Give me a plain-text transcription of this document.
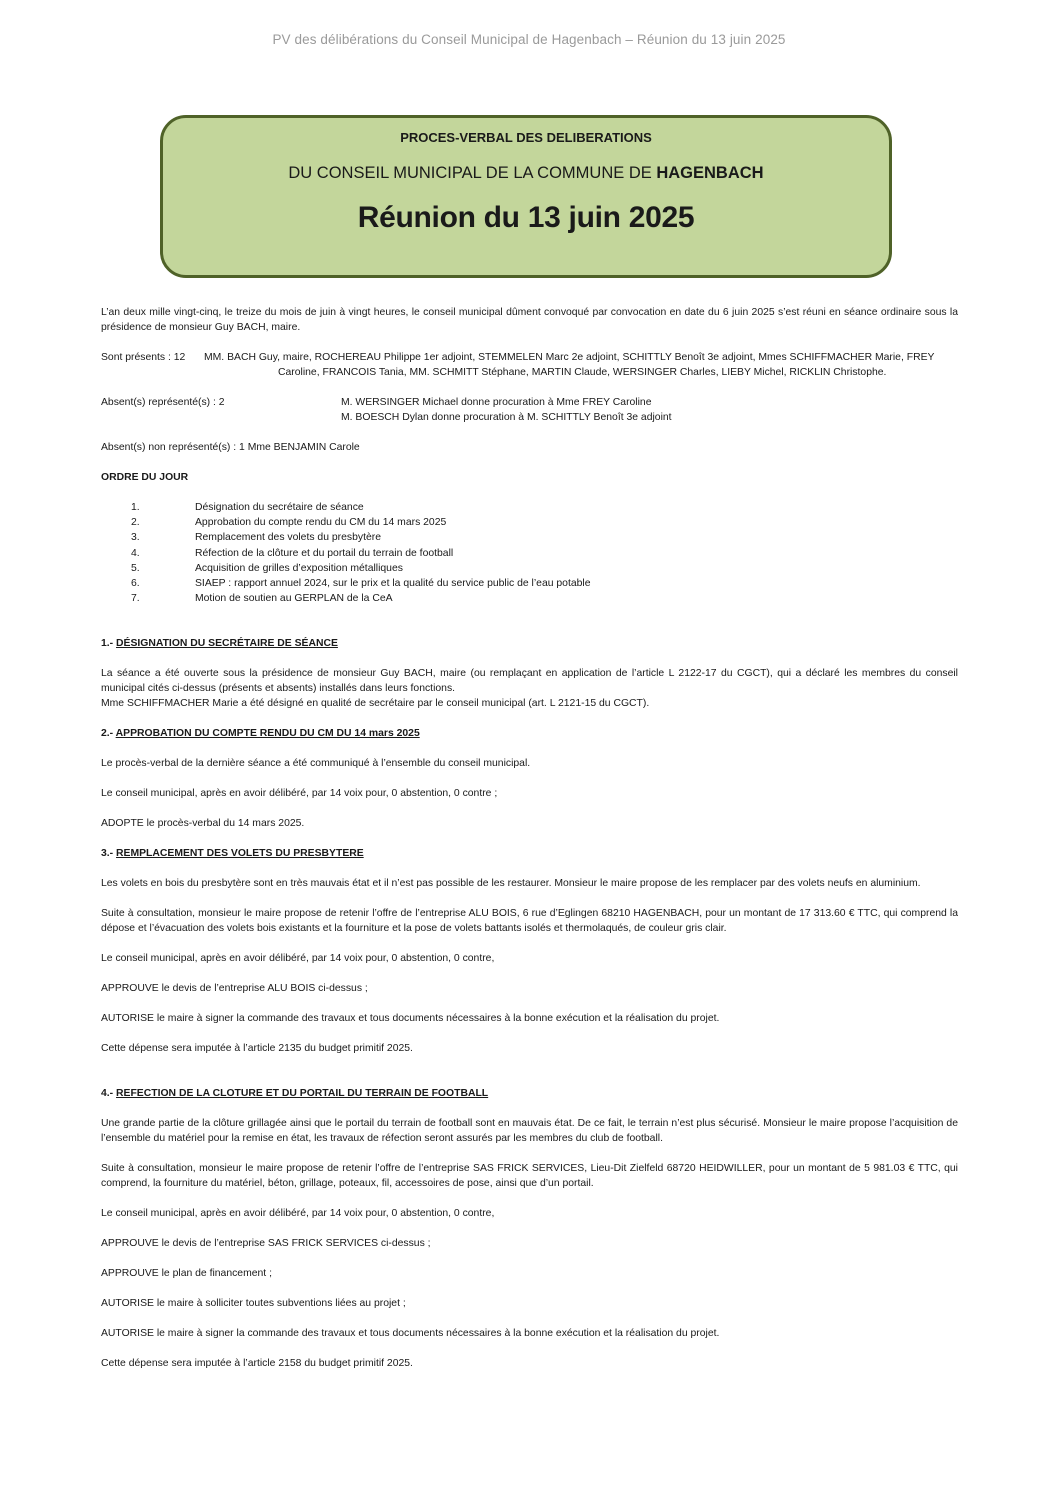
PV des délibérations du Conseil Municipal de Hagenbach – Réunion du 13 juin 2025
PROCES-VERBAL DES DELIBERATIONS
DU CONSEIL MUNICIPAL DE LA COMMUNE DE HAGENBACH
Réunion du 13 juin 2025

L’an deux mille vingt-cinq, le treize du mois de juin à vingt heures, le conseil municipal dûment convoqué par convocation en date du 6 juin 2025 s’est réuni en séance ordinaire sous la présidence de monsieur Guy BACH, maire.

Sont présents : 12	MM. BACH Guy, maire, ROCHEREAU Philippe 1er adjoint, STEMMELEN Marc 2e adjoint, SCHITTLY Benoît 3e adjoint, Mmes SCHIFFMACHER Marie, FREY
Caroline, FRANCOIS Tania, MM. SCHMITT Stéphane, MARTIN Claude, WERSINGER Charles, LIEBY Michel, RICKLIN Christophe.
Absent(s) représenté(s) : 2	M. WERSINGER Michael donne procuration à Mme FREY Caroline
M. BOESCH Dylan donne procuration à M. SCHITTLY Benoît 3e adjoint

Absent(s) non représenté(s) : 1 Mme BENJAMIN Carole

ORDRE DU JOUR

1.	Désignation du secrétaire de séance
2.	Approbation du compte rendu du CM du 14 mars 2025
3.	Remplacement des volets du presbytère
4.	Réfection de la clôture et du portail du terrain de football
5.	Acquisition de grilles d’exposition métalliques
6.	SIAEP : rapport annuel 2024, sur le prix et la qualité du service public de l’eau potable
7.	Motion de soutien au GERPLAN de la CeA

1.- DÉSIGNATION DU SECRÉTAIRE DE SÉANCE

La séance a été ouverte sous la présidence de monsieur Guy BACH, maire (ou remplaçant en application de l’article L 2122-17 du CGCT), qui a déclaré les membres du conseil municipal cités ci-dessus (présents et absents) installés dans leurs fonctions.

Mme SCHIFFMACHER Marie a été désigné en qualité de secrétaire par le conseil municipal (art. L 2121-15 du CGCT).

2.- APPROBATION DU COMPTE RENDU DU CM DU 14 mars 2025

Le procès-verbal de la dernière séance a été communiqué à l’ensemble du conseil municipal.

Le conseil municipal, après en avoir délibéré, par 14 voix pour, 0 abstention, 0 contre ;

ADOPTE le procès-verbal du 14 mars 2025.

3.- REMPLACEMENT DES VOLETS DU PRESBYTERE

Les volets en bois du presbytère sont en très mauvais état et il n’est pas possible de les restaurer. Monsieur le maire propose de les remplacer par des volets neufs en aluminium.

Suite à consultation, monsieur le maire propose de retenir l’offre de l’entreprise ALU BOIS, 6 rue d’Eglingen 68210 HAGENBACH, pour un montant de 17 313.60 € TTC, qui comprend la dépose et l’évacuation des volets bois existants et la fourniture et la pose de volets battants isolés et thermolaqués, de couleur gris clair.

Le conseil municipal, après en avoir délibéré, par 14 voix pour, 0 abstention, 0 contre,

APPROUVE le devis de l’entreprise ALU BOIS ci-dessus ;

AUTORISE le maire à signer la commande des travaux et tous documents nécessaires à la bonne exécution et la réalisation du projet.

Cette dépense sera imputée à l’article 2135 du budget primitif 2025.

4.- REFECTION DE LA CLOTURE ET DU PORTAIL DU TERRAIN DE FOOTBALL

Une grande partie de la clôture grillagée ainsi que le portail du terrain de football sont en mauvais état. De ce fait, le terrain n’est plus sécurisé. Monsieur le maire propose l’acquisition de l’ensemble du matériel pour la remise en état, les travaux de réfection seront assurés par les membres du club de football.

Suite à consultation, monsieur le maire propose de retenir l’offre de l’entreprise SAS FRICK SERVICES, Lieu-Dit Zielfeld 68720 HEIDWILLER, pour un montant de 5 981.03 € TTC, qui comprend, la fourniture du matériel, béton, grillage, poteaux, fil, accessoires de pose, ainsi que d’un portail.

Le conseil municipal, après en avoir délibéré, par 14 voix pour, 0 abstention, 0 contre,

APPROUVE le devis de l’entreprise SAS FRICK SERVICES ci-dessus ;

APPROUVE le plan de financement ;

AUTORISE le maire à solliciter toutes subventions liées au projet ;

AUTORISE le maire à signer la commande des travaux et tous documents nécessaires à la bonne exécution et la réalisation du projet.

Cette dépense sera imputée à l’article 2158 du budget primitif 2025.
